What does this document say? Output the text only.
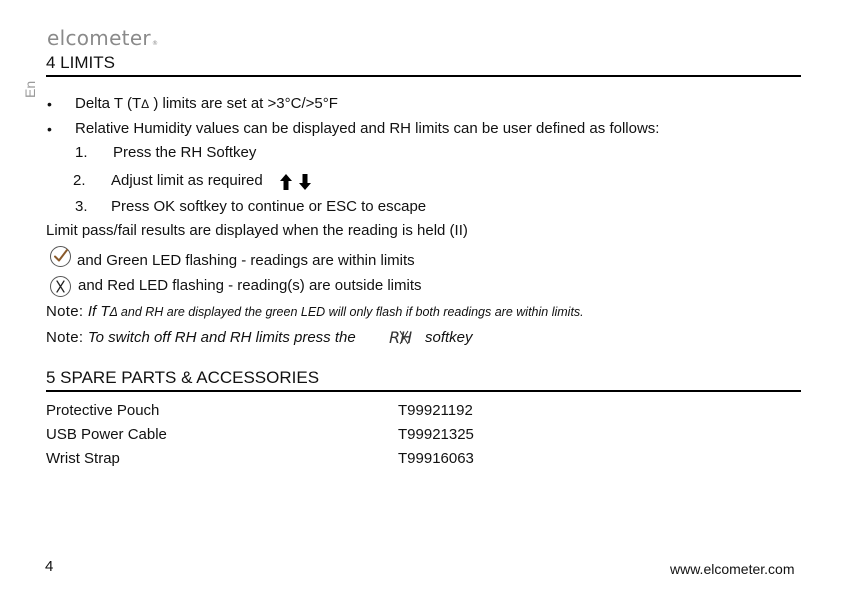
elcometer®
En
4 LIMITS
• Delta T (TΔ ) limits are set at >3°C/>5°F
• Relative Humidity values can be displayed and RH limits can be user defined as follows:
1. Press the RH Softkey
2. Adjust limit as required
3. Press OK softkey to continue or ESC to escape
Limit pass/fail results are displayed when the reading is held (II)
and Green LED flashing - readings are within limits
and Red LED flashing - reading(s) are outside limits
Note: If TΔ and RH are displayed the green LED will only flash if both readings are within limits.
Note: To switch off RH and RH limits press the RH softkey
5 SPARE PARTS & ACCESSORIES
Protective Pouch	T99921192
USB Power Cable	T99921325
Wrist Strap	T99916063
4	www.elcometer.com
